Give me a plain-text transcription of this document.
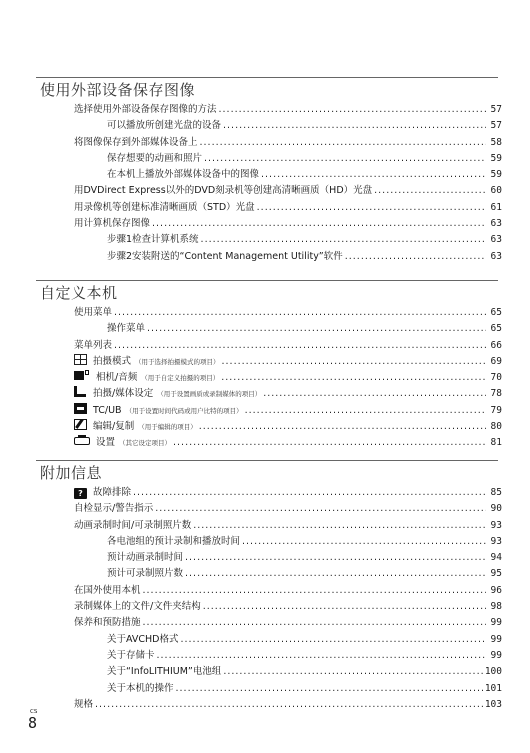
使用外部设备保存图像
选择使用外部设备保存图像的方法 .....	57
可以播放所创建光盘的设备 .....	57
将图像保存到外部媒体设备上 .....	58
保存想要的动画和照片 .....	59
在本机上播放外部媒体设备中的图像 .....	59
用DVDirect Express以外的DVD刻录机等创建高清晰画质（HD）光盘 .....	60
用录像机等创建标准清晰画质（STD）光盘 .....	61
用计算机保存图像 .....	63
步骤1检查计算机系统 .....	63
步骤2安装附送的“Content Management Utility”软件 .....	63
自定义本机
使用菜单 .....	65
操作菜单 .....	65
菜单列表 .....	66
拍摄模式 （用于选择拍摄模式的项目） .....	69
相机/音频 （用于自定义拍摄的项目） .....	70
拍摄/媒体设定 （用于设置画质或录制媒体的项目） .....	78
TC/UB （用于设置时间代码或用户比特的项目） .....	79
编辑/复制 （用于编辑的项目） .....	80
设置 （其它设定项目） .....	81
附加信息
? 故障排除 .....	85
自检显示/警告指示 .....	90
动画录制时间/可录制照片数 .....	93
各电池组的预计录制和播放时间 .....	93
预计动画录制时间 .....	94
预计可录制照片数 .....	95
在国外使用本机 .....	96
录制媒体上的文件/文件夹结构 .....	98
保养和预防措施 .....	99
关于AVCHD格式 .....	99
关于存储卡 .....	99
关于“InfoLITHIUM”电池组 .....	100
关于本机的操作 .....	101
规格 .....	103
CS
8
